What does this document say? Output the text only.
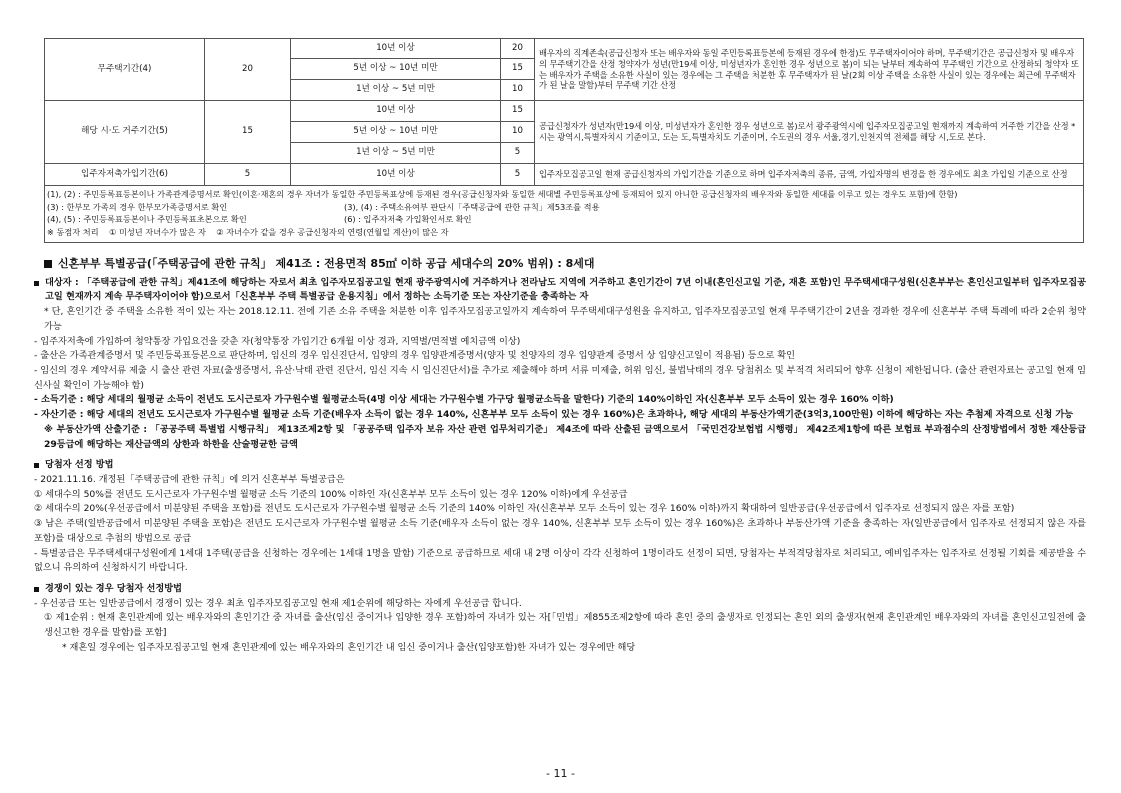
무주택기간(4)	20	10년 이상	20	배우자의 직계존속(공급신청자 또는 배우자와 동일 주민등록표등본에 등재된 경우에 한정)도 무주택자이어야 하며, 무주택기간은 공급신청자 및 배우자의 무주택기간을 산정 청약자가 성년(만19세 이상, 미성년자가 혼인한 경우 성년으로 봄)이 되는 날부터 계속하여 무주택인 기간으로 산정하되 청약자 또는 배우자가 주택을 소유한 사실이 있는 경우에는 그 주택을 처분한 후 무주택자가 된 날(2회 이상 주택을 소유한 사실이 있는 경우에는 최근에 무주택자가 된 날을 말함)부터 무주택 기간 산정
		5년 이상 ~ 10년 미만	15	
		1년 이상 ~ 5년 미만	10	
해당 시·도 거주기간(5)	15	10년 이상	15	공급신청자가 성년자(만19세 이상, 미성년자가 혼인한 경우 성년으로 봄)로서 광주광역시에 입주자모집공고일 현재까지 계속하여 거주한 기간을 산정 * 시는 광역시,특별자치시 기준이고, 도는 도,특별자치도 기준이며, 수도권의 경우 서울,경기,인천지역 전체를 해당 시,도로 본다.
		5년 이상 ~ 10년 미만	10	
		1년 이상 ~ 5년 미만	5	
입주자저축가입기간(6)	5	10년 이상	5	입주자모집공고일 현재 공급신청자의 가입기간을 기준으로 하며 입주자저축의 종류, 금액, 가입자명의 변경을 한 경우에도 최초 가입일 기준으로 산정
(1), (2) : 주민등록표등본이나 가족관계증명서로 확인(이혼·재혼의 경우 자녀가 동일한 주민등록표상에 등재된 경우(공급신청자와 동일한 세대별 주민등록표상에 등재되어 있지 아니한 공급신청자의 배우자와 동일한 세대를 이루고 있는 경우도 포함)에 한함)
(3) : 한부모 가족의 경우 한부모가족증명서로 확인	(3), (4) : 주택소유여부 판단시「주택공급에 관한 규칙」제53조를 적용
(4), (5) : 주민등록표등본이나 주민등록표초본으로 확인	(6) : 입주자저축 가입확인서로 확인
※ 동점자 처리    ① 미성년 자녀수가 많은 자    ② 자녀수가 같을 경우 공급신청자의 연령(연월일 계산)이 많은 자
신혼부부 특별공급(「주택공급에 관한 규칙」 제41조 : 전용면적 85㎡ 이하 공급 세대수의 20% 범위) : 8세대
대상자 : 「주택공급에 관한 규칙」제41조에 해당하는 자로서 최초 입주자모집공고일 현재 광주광역시에 거주하거나 전라남도 지역에 거주하고 혼인기간이 7년 이내(혼인신고일 기준, 재혼 포함)인 무주택세대구성원(신혼부부는 혼인신고일부터 입주자모집공고일 현재까지 계속 무주택자이어야 함)으로서「신혼부부 주택 특별공급 운용지침」에서 정하는 소득기준 또는 자산기준을 충족하는 자
* 단, 혼인기간 중 주택을 소유한 적이 있는 자는 2018.12.11. 전에 기존 소유 주택을 처분한 이후 입주자모집공고일까지 계속하여 무주택세대구성원을 유지하고, 입주자모집공고일 현재 무주택기간이 2년을 경과한 경우에 신혼부부 주택 특례에 따라 2순위 청약 가능
- 입주자저축에 가입하여 청약통장 가입요건을 갖춘 자(청약통장 가입기간 6개월 이상 경과, 지역별/면적별 예치금액 이상)
- 출산은 가족관계증명서 및 주민등록표등본으로 판단하며, 임신의 경우 임신진단서, 입양의 경우 입양관계증명서(양자 및 친양자의 경우 입양관계 증명서 상 입양신고일이 적용됨) 등으로 확인
- 임신의 경우 계약서류 제출 시 출산 관련 자료(출생증명서, 유산·낙태 관련 진단서, 임신 지속 시 임신진단서)를 추가로 제출해야 하며 서류 미제출, 허위 임신, 불법낙태의 경우 당첨취소 및 부적격 처리되어 향후 신청이 제한됩니다. (출산 관련자료는 공고일 현재 임신사실 확인이 가능해야 함)
- 소득기준 : 해당 세대의 월평균 소득이 전년도 도시근로자 가구원수별 월평균소득(4명 이상 세대는 가구원수별 가구당 월평균소득을 말한다) 기준의 140%이하인 자(신혼부부 모두 소득이 있는 경우 160% 이하)
- 자산기준 : 해당 세대의 전년도 도시근로자 가구원수별 월평균 소득 기준(배우자 소득이 없는 경우 140%, 신혼부부 모두 소득이 있는 경우 160%)은 초과하나, 해당 세대의 부동산가액기준(3억3,100만원) 이하에 해당하는 자는 추첨제 자격으로 신청 가능
※ 부동산가액 산출기준 : 「공공주택 특별법 시행규칙」 제13조제2항 및 「공공주택 입주자 보유 자산 관련 업무처리기준」 제4조에 따라 산출된 금액으로서 「국민건강보험법 시행령」 제42조제1항에 따른 보험료 부과점수의 산정방법에서 정한 재산등급 29등급에 해당하는 재산금액의 상한과 하한을 산술평균한 금액
당첨자 선정 방법
- 2021.11.16. 개정된「주택공급에 관한 규칙」에 의거 신혼부부 특별공급은
① 세대수의 50%를 전년도 도시근로자 가구원수별 월평균 소득 기준의 100% 이하인 자(신혼부부 모두 소득이 있는 경우 120% 이하)에게 우선공급
② 세대수의 20%(우선공급에서 미분양된 주택을 포함)를 전년도 도시근로자 가구원수별 월평균 소득 기준의 140% 이하인 자(신혼부부 모두 소득이 있는 경우 160% 이하)까지 확대하여 일반공급(우선공급에서 입주자로 선정되지 않은 자를 포함)
③ 남은 주택(일반공급에서 미분양된 주택을 포함)은 전년도 도시근로자 가구원수별 월평균 소득 기준(배우자 소득이 없는 경우 140%, 신혼부부 모두 소득이 있는 경우 160%)은 초과하나 부동산가액 기준을 충족하는 자(일반공급에서 입주자로 선정되지 않은 자를 포함)를 대상으로 추첨의 방법으로 공급
- 특별공급은 무주택세대구성원에게 1세대 1주택(공급을 신청하는 경우에는 1세대 1명을 말함) 기준으로 공급하므로 세대 내 2명 이상이 각각 신청하여 1명이라도 선정이 되면, 당첨자는 부적격당첨자로 처리되고, 예비입주자는 입주자로 선정될 기회를 제공받을 수 없으니 유의하여 신청하시기 바랍니다.
경쟁이 있는 경우 당첨자 선정방법
- 우선공급 또는 일반공급에서 경쟁이 있는 경우 최초 입주자모집공고일 현재 제1순위에 해당하는 자에게 우선공급 합니다.
① 제1순위 : 현재 혼인관계에 있는 배우자와의 혼인기간 중 자녀를 출산(임신 중이거나 입양한 경우 포함)하여 자녀가 있는 자[「민법」제855조제2항에 따라 혼인 중의 출생자로 인정되는 혼인 외의 출생자(현재 혼인관계인 배우자와의 자녀를 혼인신고일전에 출생신고한 경우를 말함)를 포함]
* 재혼일 경우에는 입주자모집공고일 현재 혼인관계에 있는 배우자와의 혼인기간 내 임신 중이거나 출산(입양포함)한 자녀가 있는 경우에만 해당
- 11 -
